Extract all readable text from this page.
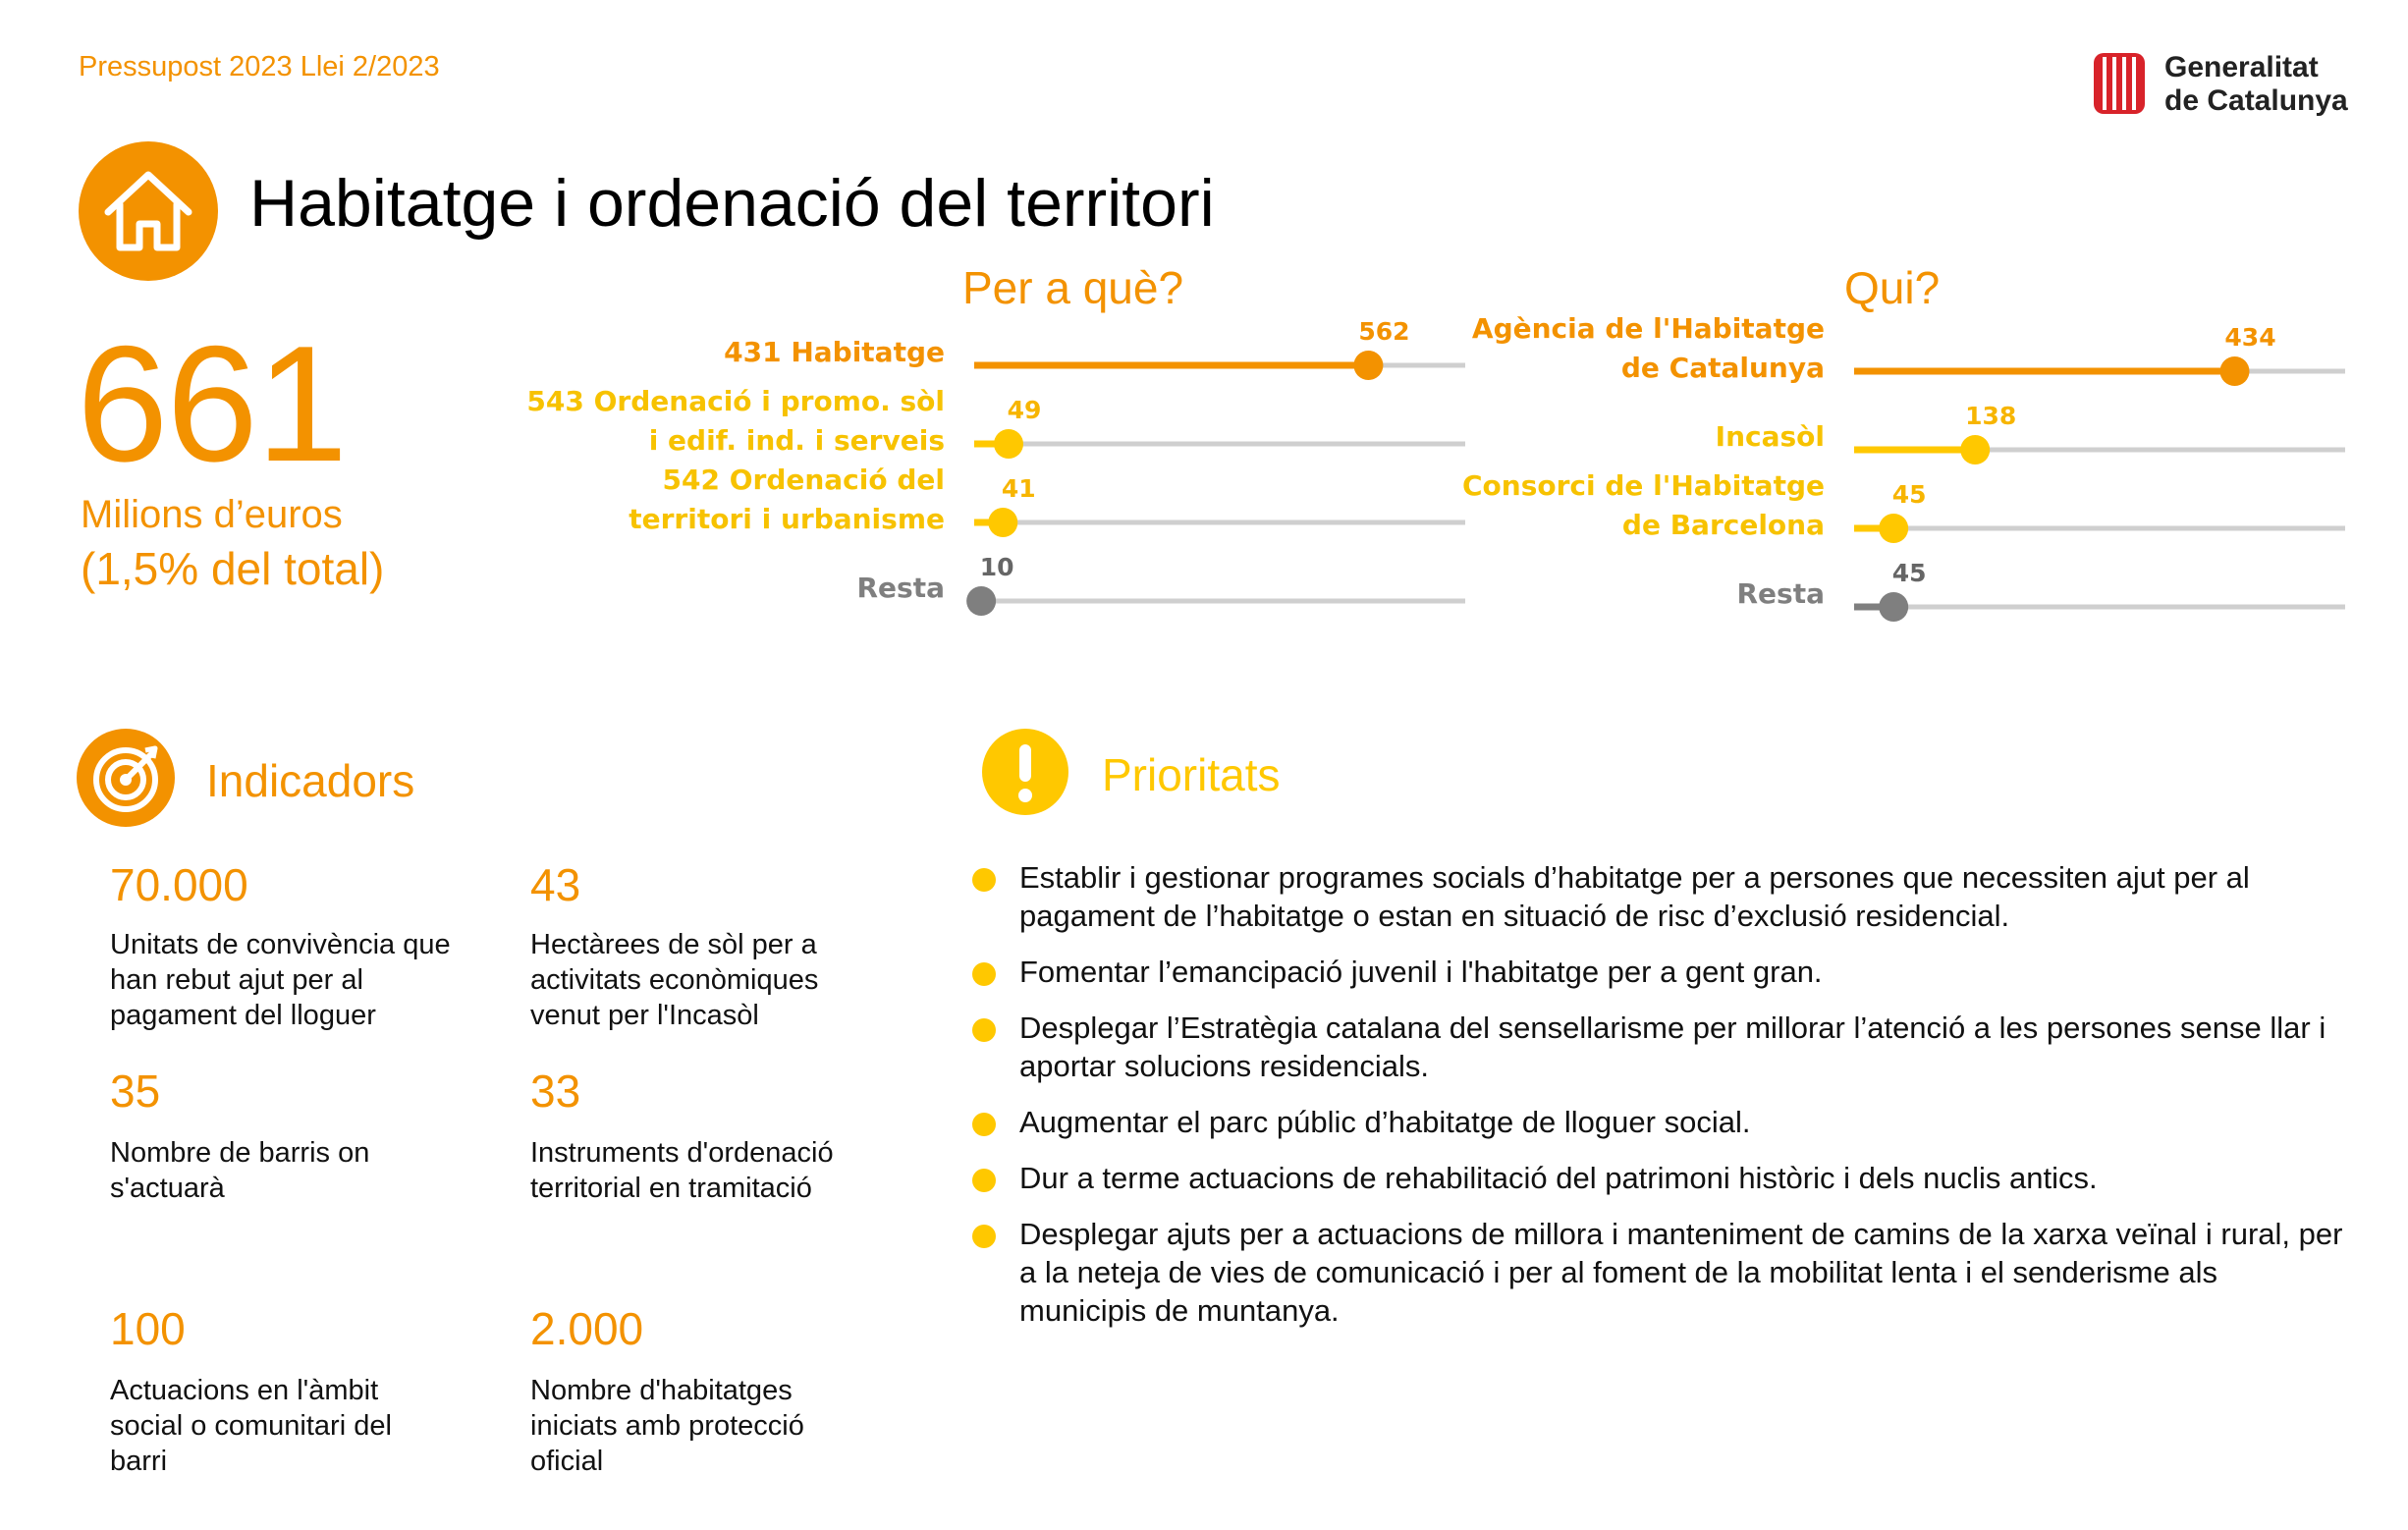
Pressupost 2023 Llei 2/2023	Generalitat
de Catalunya
Habitatge i ordenació del territori
661
Milions d’euros
(1,5% del total)
Per a què?	Qui?
562
431 Habitatge
49
543 Ordenació i promo. sòl
i edif. ind. i serveis
41
542 Ordenació del
territori i urbanisme
10
Resta
434
Agència de l'Habitatge
de Catalunya
138
Incasòl
45
Consorci de l'Habitatge
de Barcelona
45
Resta
Indicadors
70.000
Unitats de convivència que han rebut ajut per al pagament del lloguer
43
Hectàrees de sòl per a activitats econòmiques venut per l'Incasòl
35
Nombre de barris on s'actuarà
33
Instruments d'ordenació territorial en tramitació
100
Actuacions en l'àmbit social o comunitari del barri
2.000
Nombre d'habitatges iniciats amb protecció oficial
Prioritats
Establir i gestionar programes socials d’habitatge per a persones que necessiten ajut per al pagament de l’habitatge o estan en situació de risc d’exclusió residencial.
Fomentar l’emancipació juvenil i l'habitatge per a gent gran.
Desplegar l’Estratègia catalana del sensellarisme per millorar l’atenció a les persones sense llar i aportar solucions residencials.
Augmentar el parc públic d’habitatge de lloguer social.
Dur a terme actuacions de rehabilitació del patrimoni històric i dels nuclis antics.
Desplegar ajuts per a actuacions de millora i manteniment de camins de la xarxa veïnal i rural, per a la neteja de vies de comunicació i per al foment de la mobilitat lenta i el senderisme als municipis de muntanya.
